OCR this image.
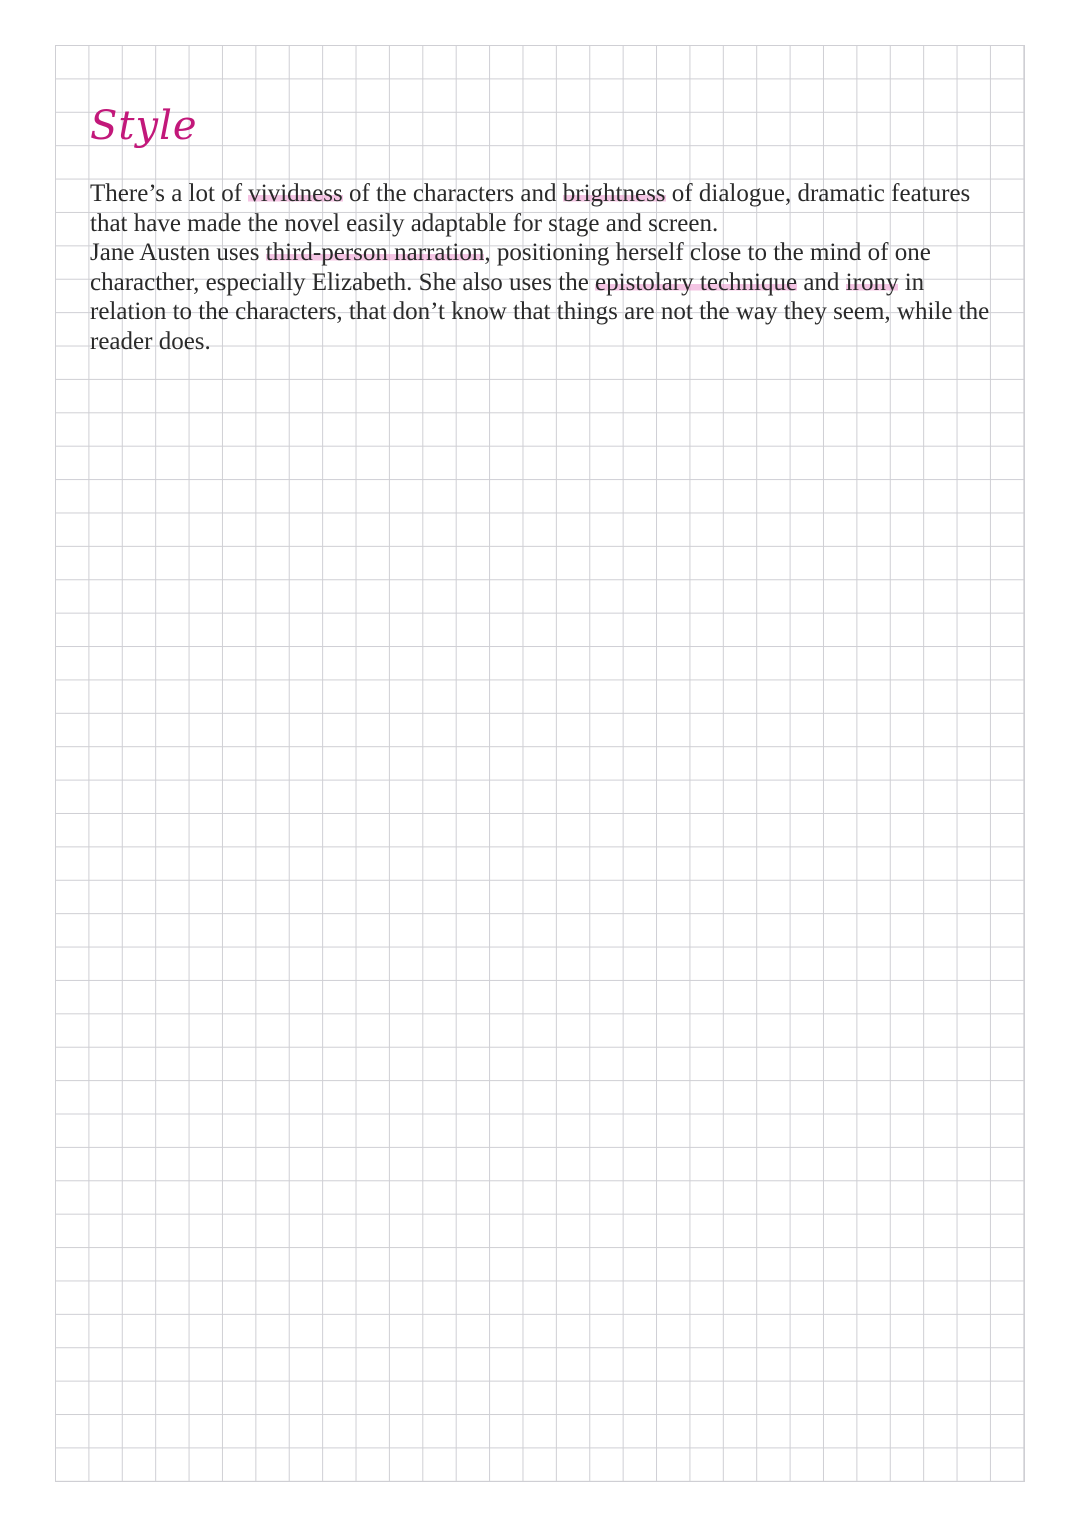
Style

There’s a lot of vividness of the characters and brightness of dialogue, dramatic features that have made the novel easily adaptable for stage and screen.

Jane Austen uses third-person narration, positioning herself close to the mind of one characther, especially Elizabeth. She also uses the epistolary technique and irony in relation to the characters, that don’t know that things are not the way they seem, while the reader does.
